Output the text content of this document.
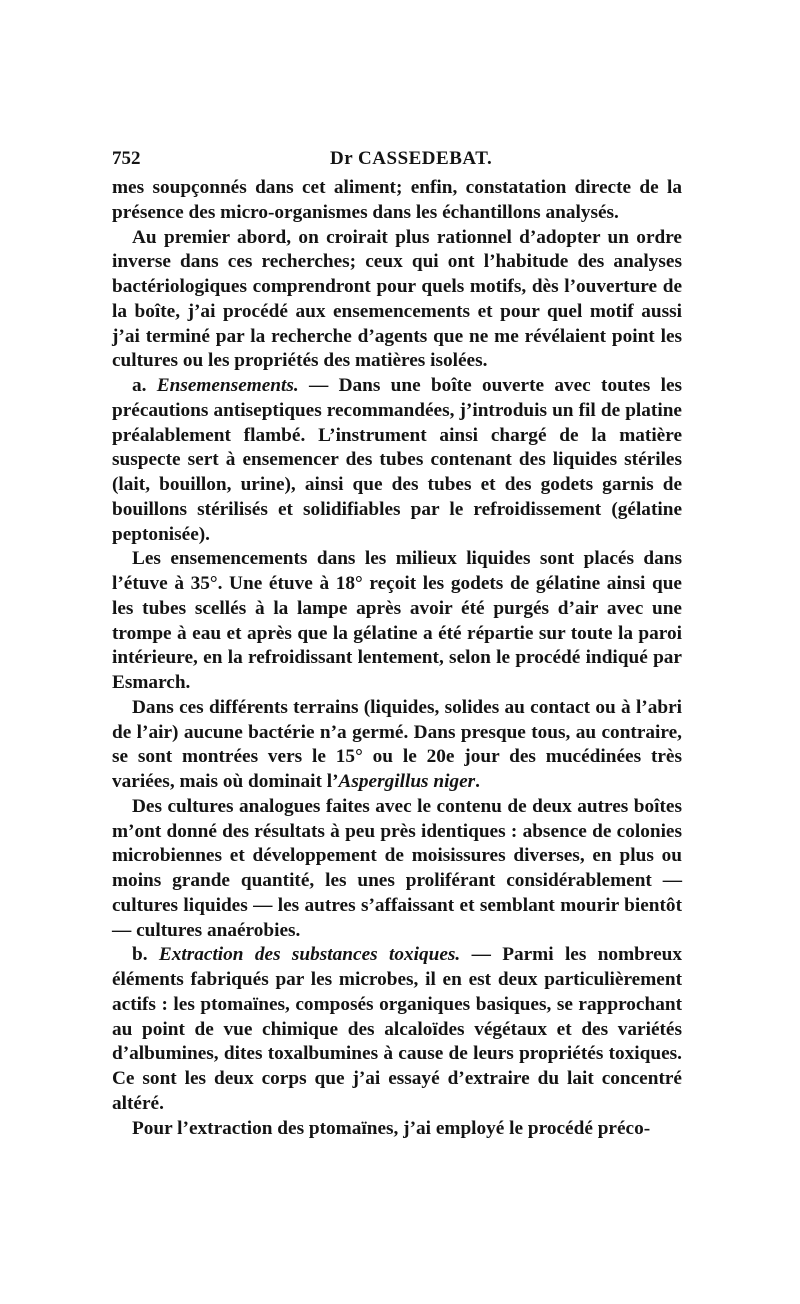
752	Dr CASSEDEBAT.

mes soupçonnés dans cet aliment; enfin, constatation directe de la présence des micro-organismes dans les échantillons analysés.

Au premier abord, on croirait plus rationnel d’adopter un ordre inverse dans ces recherches; ceux qui ont l’habitude des analyses bactériologiques comprendront pour quels motifs, dès l’ouverture de la boîte, j’ai procédé aux ensemencements et pour quel motif aussi j’ai terminé par la recherche d’agents que ne me révélaient point les cultures ou les propriétés des matières isolées.

a. Ensemensements. — Dans une boîte ouverte avec toutes les précautions antiseptiques recommandées, j’introduis un fil de platine préalablement flambé. L’instrument ainsi chargé de la matière suspecte sert à ensemencer des tubes contenant des liquides stériles (lait, bouillon, urine), ainsi que des tubes et des godets garnis de bouillons stérilisés et solidifiables par le refroidissement (gélatine peptonisée).

Les ensemencements dans les milieux liquides sont placés dans l’étuve à 35°. Une étuve à 18° reçoit les godets de gélatine ainsi que les tubes scellés à la lampe après avoir été purgés d’air avec une trompe à eau et après que la gélatine a été répartie sur toute la paroi intérieure, en la refroidissant lentement, selon le procédé indiqué par Esmarch.

Dans ces différents terrains (liquides, solides au contact ou à l’abri de l’air) aucune bactérie n’a germé. Dans presque tous, au contraire, se sont montrées vers le 15° ou le 20e jour des mucédinées très variées, mais où dominait l’Aspergillus niger.

Des cultures analogues faites avec le contenu de deux autres boîtes m’ont donné des résultats à peu près identiques : absence de colonies microbiennes et développement de moisissures diverses, en plus ou moins grande quantité, les unes proliférant considérablement — cultures liquides — les autres s’affaissant et semblant mourir bientôt — cultures anaérobies.

b. Extraction des substances toxiques. — Parmi les nombreux éléments fabriqués par les microbes, il en est deux particulièrement actifs : les ptomaïnes, composés organiques basiques, se rapprochant au point de vue chimique des alcaloïdes végétaux et des variétés d’albumines, dites toxalbumines à cause de leurs propriétés toxiques. Ce sont les deux corps que j’ai essayé d’extraire du lait concentré altéré.

Pour l’extraction des ptomaïnes, j’ai employé le procédé préco-
